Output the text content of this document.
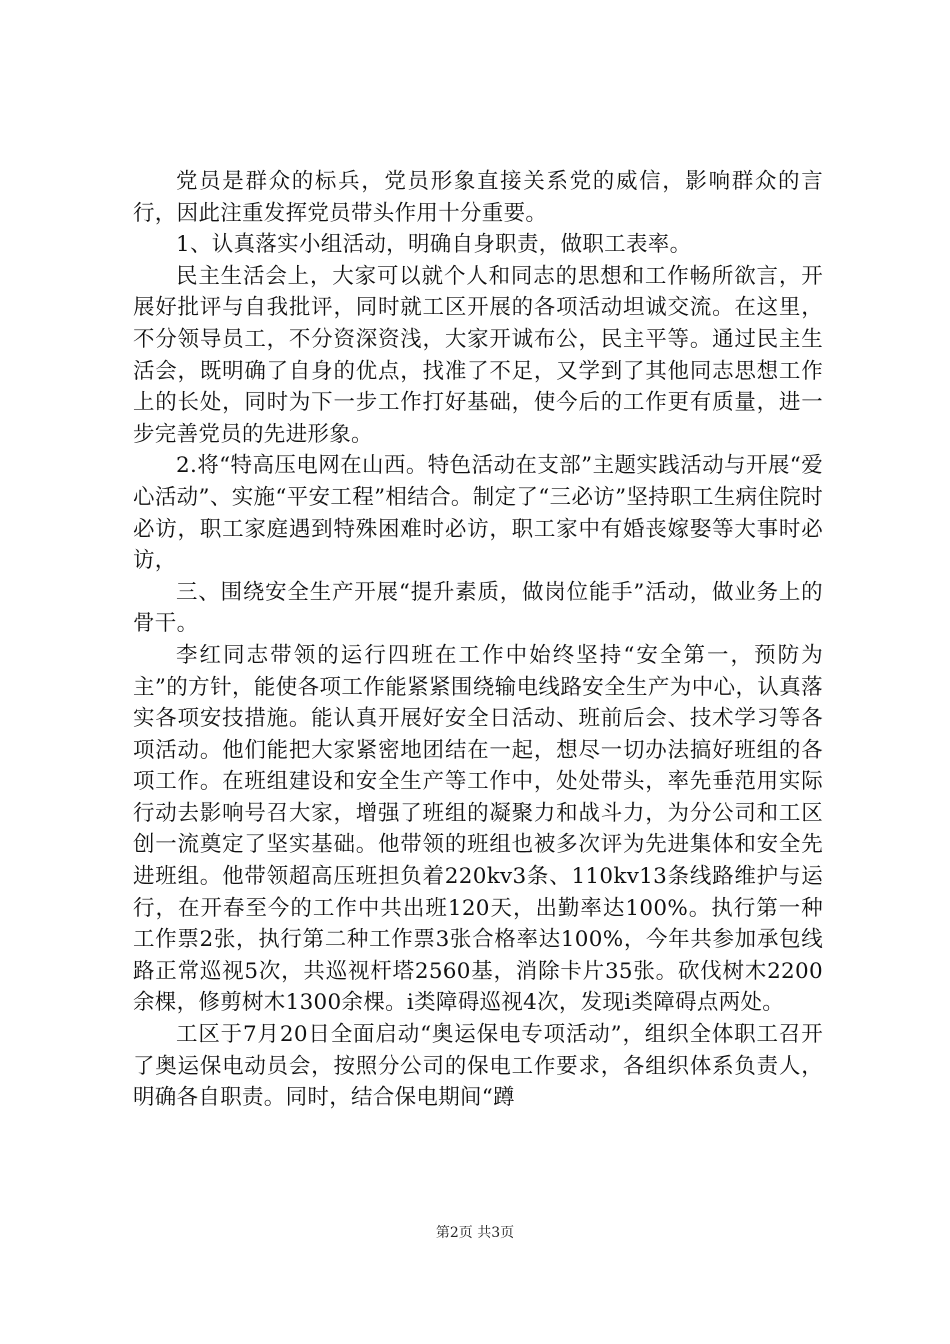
党员是群众的标兵，党员形象直接关系党的威信，影响群众的言行，因此注重发挥党员带头作用十分重要。

1、认真落实小组活动，明确自身职责，做职工表率。

民主生活会上，大家可以就个人和同志的思想和工作畅所欲言，开展好批评与自我批评，同时就工区开展的各项活动坦诚交流。在这里，不分领导员工，不分资深资浅，大家开诚布公，民主平等。通过民主生活会，既明确了自身的优点，找准了不足，又学到了其他同志思想工作上的长处，同时为下一步工作打好基础，使今后的工作更有质量，进一步完善党员的先进形象。

2.将“特高压电网在山西。特色活动在支部”主题实践活动与开展“爱心活动”、实施“平安工程”相结合。制定了“三必访”坚持职工生病住院时必访，职工家庭遇到特殊困难时必访，职工家中有婚丧嫁娶等大事时必访，

三、围绕安全生产开展“提升素质，做岗位能手”活动，做业务上的骨干。

李红同志带领的运行四班在工作中始终坚持“安全第一，预防为主”的方针，能使各项工作能紧紧围绕输电线路安全生产为中心，认真落实各项安技措施。能认真开展好安全日活动、班前后会、技术学习等各项活动。他们能把大家紧密地团结在一起，想尽一切办法搞好班组的各项工作。在班组建设和安全生产等工作中，处处带头，率先垂范用实际行动去影响号召大家，增强了班组的凝聚力和战斗力，为分公司和工区创一流奠定了坚实基础。他带领的班组也被多次评为先进集体和安全先进班组。他带领超高压班担负着220kv3条、110kv13条线路维护与运行，在开春至今的工作中共出班120天，出勤率达100%。执行第一种工作票2张，执行第二种工作票3张合格率达100%，今年共参加承包线路正常巡视5次，共巡视杆塔2560基，消除卡片35张。砍伐树木2200余棵，修剪树木1300余棵。i类障碍巡视4次，发现i类障碍点两处。

工区于7月20日全面启动“奥运保电专项活动”，组织全体职工召开了奥运保电动员会，按照分公司的保电工作要求，各组织体系负责人，明确各自职责。同时，结合保电期间“蹲

第2页 共3页
